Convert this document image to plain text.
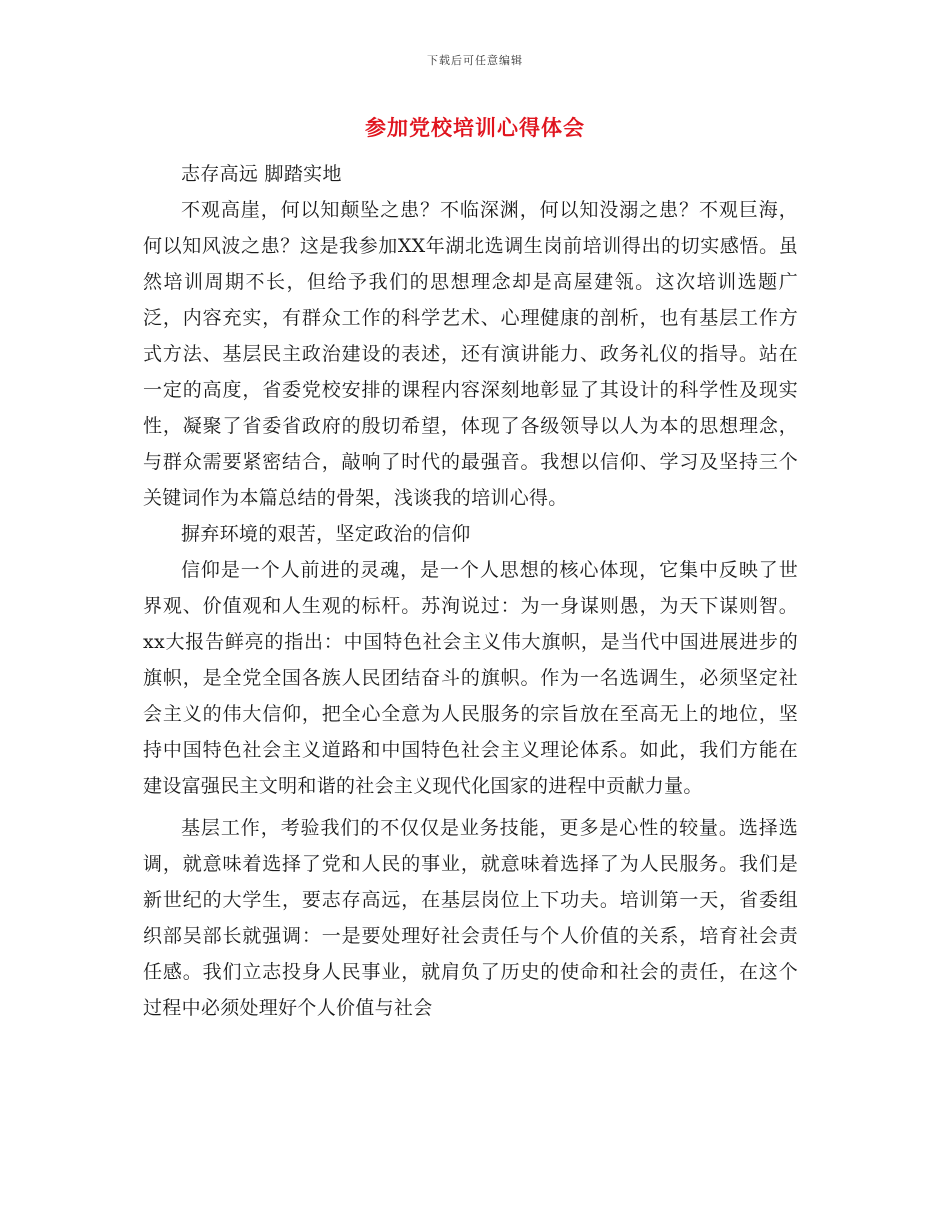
下载后可任意编辑
参加党校培训心得体会

志存高远 脚踏实地

不观高崖，何以知颠坠之患？不临深渊，何以知没溺之患？不观巨海，何以知风波之患？这是我参加XX年湖北选调生岗前培训得出的切实感悟。虽然培训周期不长，但给予我们的思想理念却是高屋建瓴。这次培训选题广泛，内容充实，有群众工作的科学艺术、心理健康的剖析，也有基层工作方式方法、基层民主政治建设的表述，还有演讲能力、政务礼仪的指导。站在一定的高度，省委党校安排的课程内容深刻地彰显了其设计的科学性及现实性，凝聚了省委省政府的殷切希望，体现了各级领导以人为本的思想理念，与群众需要紧密结合，敲响了时代的最强音。我想以信仰、学习及坚持三个关键词作为本篇总结的骨架，浅谈我的培训心得。

摒弃环境的艰苦，坚定政治的信仰

信仰是一个人前进的灵魂，是一个人思想的核心体现，它集中反映了世界观、价值观和人生观的标杆。苏洵说过：为一身谋则愚，为天下谋则智。xx大报告鲜亮的指出：中国特色社会主义伟大旗帜，是当代中国进展进步的旗帜，是全党全国各族人民团结奋斗的旗帜。作为一名选调生，必须坚定社会主义的伟大信仰，把全心全意为人民服务的宗旨放在至高无上的地位，坚持中国特色社会主义道路和中国特色社会主义理论体系。如此，我们方能在建设富强民主文明和谐的社会主义现代化国家的进程中贡献力量。

基层工作，考验我们的不仅仅是业务技能，更多是心性的较量。选择选调，就意味着选择了党和人民的事业，就意味着选择了为人民服务。我们是新世纪的大学生，要志存高远，在基层岗位上下功夫。培训第一天，省委组织部吴部长就强调：一是要处理好社会责任与个人价值的关系，培育社会责任感。我们立志投身人民事业，就肩负了历史的使命和社会的责任，在这个过程中必须处理好个人价值与社会
